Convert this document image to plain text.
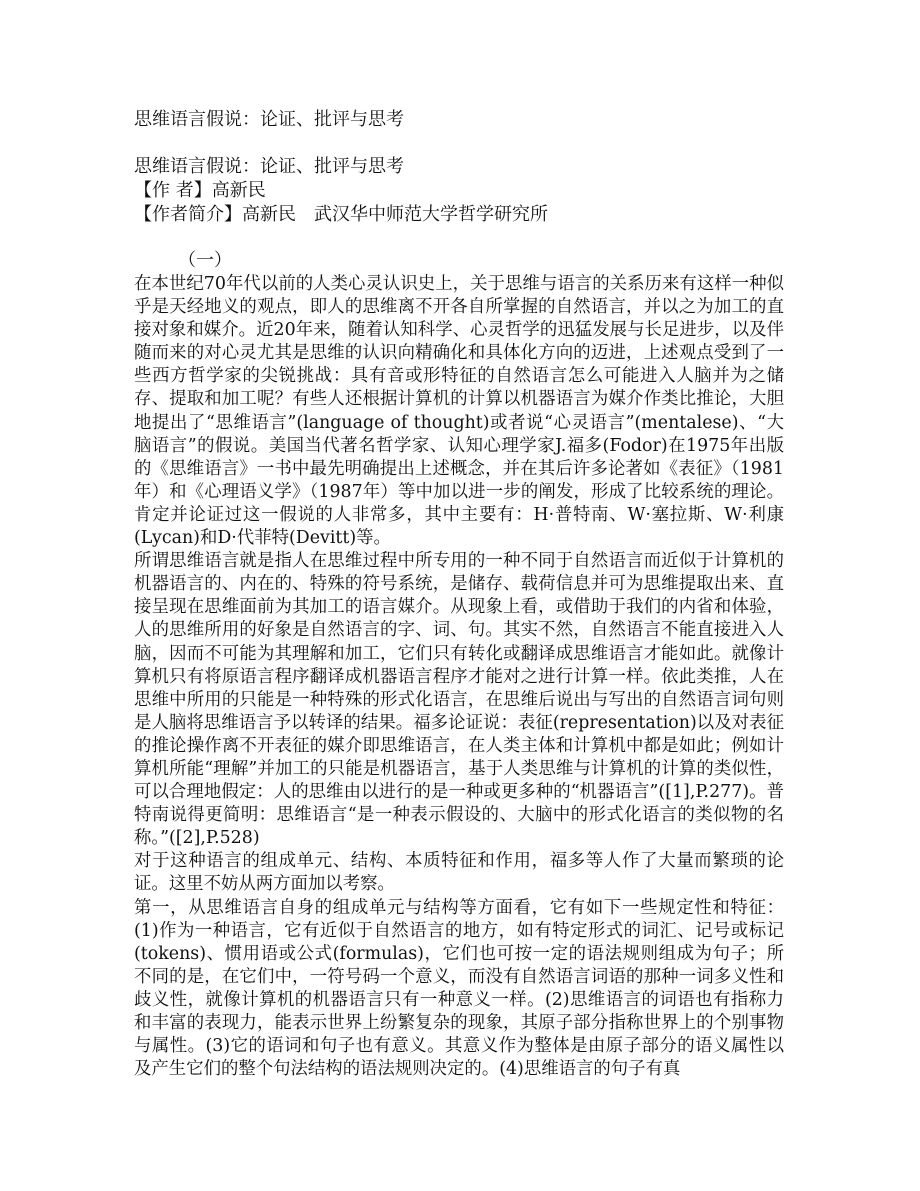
思维语言假说：论证、批评与思考

思维语言假说：论证、批评与思考

【作 者】高新民

【作者简介】高新民　武汉华中师范大学哲学研究所

（一）

在本世纪70年代以前的人类心灵认识史上，关于思维与语言的关系历来有这样一种似乎是天经地义的观点，即人的思维离不开各自所掌握的自然语言，并以之为加工的直接对象和媒介。近20年来，随着认知科学、心灵哲学的迅猛发展与长足进步，以及伴随而来的对心灵尤其是思维的认识向精确化和具体化方向的迈进，上述观点受到了一些西方哲学家的尖锐挑战：具有音或形特征的自然语言怎么可能进入人脑并为之储存、提取和加工呢？有些人还根据计算机的计算以机器语言为媒介作类比推论，大胆地提出了“思维语言”(language of thought)或者说“心灵语言”(mentalese)、“大脑语言”的假说。美国当代著名哲学家、认知心理学家J.福多(Fodor)在1975年出版的《思维语言》一书中最先明确提出上述概念，并在其后许多论著如《表征》（1981年）和《心理语义学》（1987年）等中加以进一步的阐发，形成了比较系统的理论。肯定并论证过这一假说的人非常多，其中主要有：H·普特南、W·塞拉斯、W·利康(Lycan)和D·代菲特(Devitt)等。

所谓思维语言就是指人在思维过程中所专用的一种不同于自然语言而近似于计算机的机器语言的、内在的、特殊的符号系统，是储存、载荷信息并可为思维提取出来、直接呈现在思维面前为其加工的语言媒介。从现象上看，或借助于我们的内省和体验，人的思维所用的好象是自然语言的字、词、句。其实不然，自然语言不能直接进入人脑，因而不可能为其理解和加工，它们只有转化或翻译成思维语言才能如此。就像计算机只有将原语言程序翻译成机器语言程序才能对之进行计算一样。依此类推，人在思维中所用的只能是一种特殊的形式化语言，在思维后说出与写出的自然语言词句则是人脑将思维语言予以转译的结果。福多论证说：表征(representation)以及对表征的推论操作离不开表征的媒介即思维语言，在人类主体和计算机中都是如此；例如计算机所能“理解”并加工的只能是机器语言，基于人类思维与计算机的计算的类似性，可以合理地假定：人的思维由以进行的是一种或更多种的“机器语言”([1],P.277)。普特南说得更简明：思维语言“是一种表示假设的、大脑中的形式化语言的类似物的名称。”([2],P.528)

对于这种语言的组成单元、结构、本质特征和作用，福多等人作了大量而繁琐的论证。这里不妨从两方面加以考察。

第一，从思维语言自身的组成单元与结构等方面看，它有如下一些规定性和特征：(1)作为一种语言，它有近似于自然语言的地方，如有特定形式的词汇、记号或标记(tokens)、惯用语或公式(formulas)，它们也可按一定的语法规则组成为句子；所不同的是，在它们中，一符号码一个意义，而没有自然语言词语的那种一词多义性和歧义性，就像计算机的机器语言只有一种意义一样。(2)思维语言的词语也有指称力和丰富的表现力，能表示世界上纷繁复杂的现象，其原子部分指称世界上的个别事物与属性。(3)它的语词和句子也有意义。其意义作为整体是由原子部分的语义属性以及产生它们的整个句法结构的语法规则决定的。(4)思维语言的句子有真
